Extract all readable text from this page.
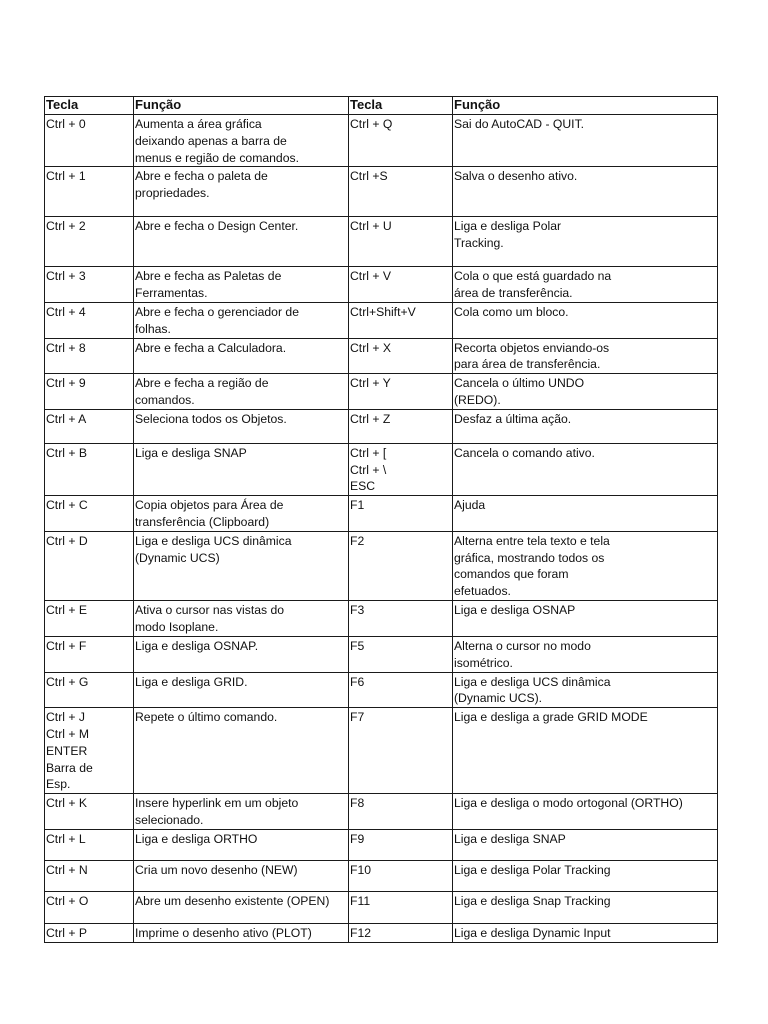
Tecla	Função	Tecla	Função

Ctrl + 0	Aumenta a área gráfica
deixando apenas a barra de
menus e região de comandos.	Ctrl + Q	Sai do AutoCAD - QUIT.

Ctrl + 1	Abre e fecha o paleta de
propriedades.	Ctrl +S	Salva o desenho ativo.

Ctrl + 2	Abre e fecha o Design Center.	Ctrl + U	Liga e desliga Polar
Tracking.

Ctrl + 3	Abre e fecha as Paletas de
Ferramentas.	Ctrl + V	Cola o que está guardado na
área de transferência.

Ctrl + 4	Abre e fecha o gerenciador de
folhas.	Ctrl+Shift+V	Cola como um bloco.

Ctrl + 8	Abre e fecha a Calculadora.	Ctrl + X	Recorta objetos enviando-os
para área de transferência.

Ctrl + 9	Abre e fecha a região de
comandos.	Ctrl + Y	Cancela o último UNDO
(REDO).

Ctrl + A	Seleciona todos os Objetos.	Ctrl + Z	Desfaz a última ação.

Ctrl + B	Liga e desliga SNAP	Ctrl + [
Ctrl + \
ESC	Cancela o comando ativo.

Ctrl + C	Copia objetos para Área de
transferência (Clipboard)	F1	Ajuda

Ctrl + D	Liga e desliga UCS dinâmica
(Dynamic UCS)	F2	Alterna entre tela texto e tela
gráfica, mostrando todos os
comandos que foram
efetuados.

Ctrl + E	Ativa o cursor nas vistas do
modo Isoplane.	F3	Liga e desliga OSNAP

Ctrl + F	Liga e desliga OSNAP.	F5	Alterna o cursor no modo
isométrico.

Ctrl + G	Liga e desliga GRID.	F6	Liga e desliga UCS dinâmica
(Dynamic UCS).

Ctrl + J
Ctrl + M
ENTER
Barra de
Esp.	Repete o último comando.	F7	Liga e desliga a grade GRID MODE

Ctrl + K	Insere hyperlink em um objeto
selecionado.	F8	Liga e desliga o modo ortogonal (ORTHO)

Ctrl + L	Liga e desliga ORTHO	F9	Liga e desliga SNAP

Ctrl + N	Cria um novo desenho (NEW)	F10	Liga e desliga Polar Tracking

Ctrl + O	Abre um desenho existente (OPEN)	F11	Liga e desliga Snap Tracking

Ctrl + P	Imprime o desenho ativo (PLOT)	F12	Liga e desliga Dynamic Input
